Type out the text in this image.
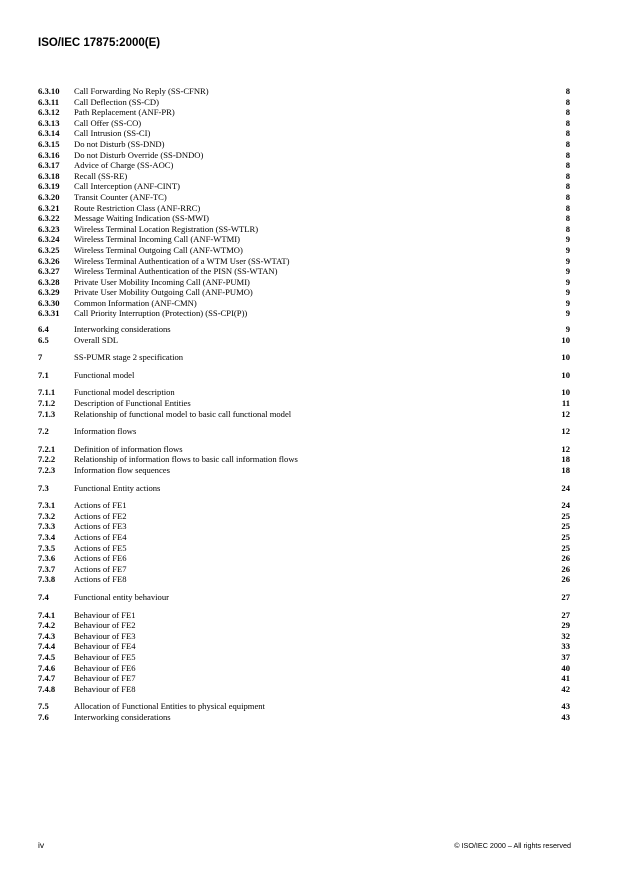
ISO/IEC 17875:2000(E)
6.3.10 Call Forwarding No Reply (SS-CFNR)	8
6.3.11 Call Deflection (SS-CD)	8
6.3.12 Path Replacement (ANF-PR)	8
6.3.13 Call Offer (SS-CO)	8
6.3.14 Call Intrusion (SS-CI)	8
6.3.15 Do not Disturb (SS-DND)	8
6.3.16 Do not Disturb Override (SS-DNDO)	8
6.3.17 Advice of Charge (SS-AOC)	8
6.3.18 Recall (SS-RE)	8
6.3.19 Call Interception (ANF-CINT)	8
6.3.20 Transit Counter (ANF-TC)	8
6.3.21 Route Restriction Class (ANF-RRC)	8
6.3.22 Message Waiting Indication (SS-MWI)	8
6.3.23 Wireless Terminal Location Registration (SS-WTLR)	8
6.3.24 Wireless Terminal Incoming Call (ANF-WTMI)	9
6.3.25 Wireless Terminal Outgoing Call (ANF-WTMO)	9
6.3.26 Wireless Terminal Authentication of a WTM User (SS-WTAT)	9
6.3.27 Wireless Terminal Authentication of the PISN (SS-WTAN)	9
6.3.28 Private User Mobility Incoming Call (ANF-PUMI)	9
6.3.29 Private User Mobility Outgoing Call (ANF-PUMO)	9
6.3.30 Common Information (ANF-CMN)	9
6.3.31 Call Priority Interruption (Protection) (SS-CPI(P))	9
6.4	Interworking considerations	9
6.5	Overall SDL	10
7	SS-PUMR stage 2 specification	10
7.1	Functional model	10
7.1.1 Functional model description	10
7.1.2 Description of Functional Entities	11
7.1.3 Relationship of functional model to basic call functional model	12
7.2	Information flows	12
7.2.1 Definition of information flows	12
7.2.2 Relationship of information flows to basic call information flows	18
7.2.3 Information flow sequences	18
7.3	Functional Entity actions	24
7.3.1 Actions of FE1	24
7.3.2 Actions of FE2	25
7.3.3 Actions of FE3	25
7.3.4 Actions of FE4	25
7.3.5 Actions of FE5	25
7.3.6 Actions of FE6	26
7.3.7 Actions of FE7	26
7.3.8 Actions of FE8	26
7.4	Functional entity behaviour	27
7.4.1 Behaviour of FE1	27
7.4.2 Behaviour of FE2	29
7.4.3 Behaviour of FE3	32
7.4.4 Behaviour of FE4	33
7.4.5 Behaviour of FE5	37
7.4.6 Behaviour of FE6	40
7.4.7 Behaviour of FE7	41
7.4.8 Behaviour of FE8	42
7.5	Allocation of Functional Entities to physical equipment	43
7.6	Interworking considerations	43
iv	© ISO/IEC 2000 – All rights reserved
